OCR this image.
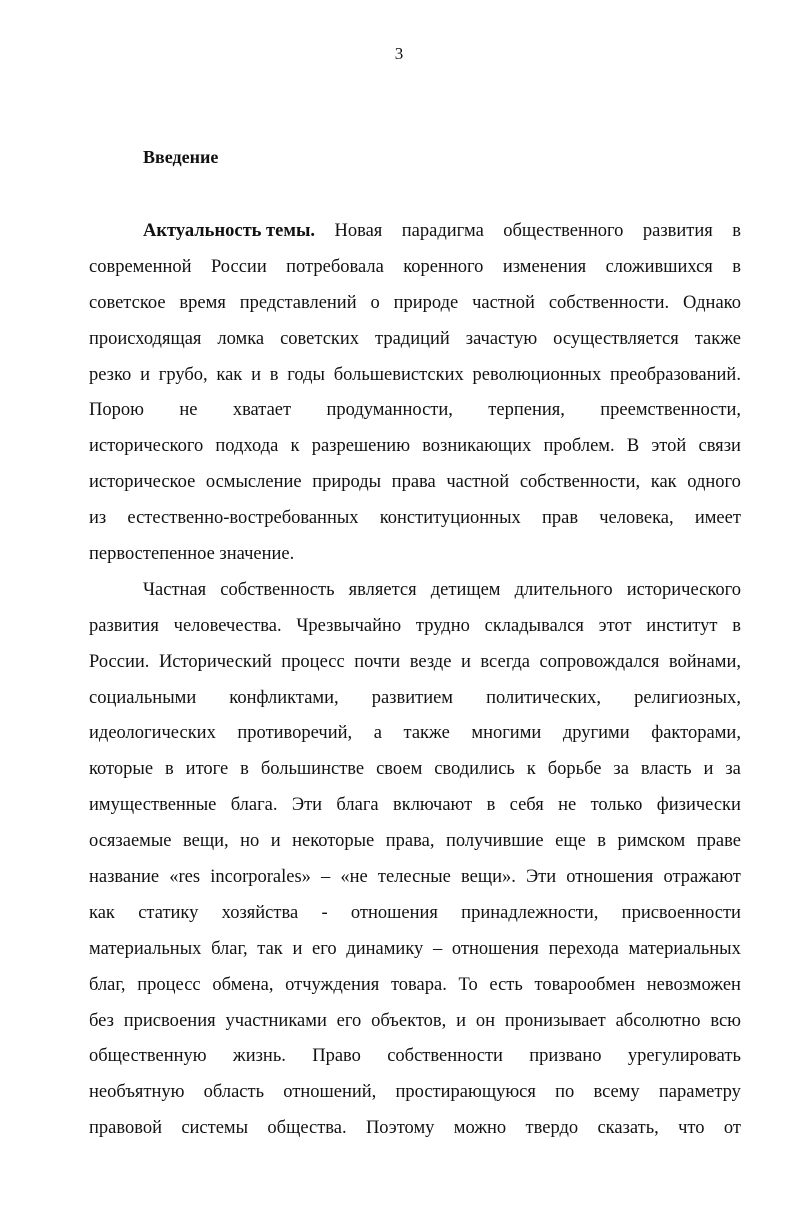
3
Введение
Актуальность темы. Новая парадигма общественного развития в
современной России потребовала коренного изменения сложившихся в
советское время представлений о природе частной собственности. Однако
происходящая ломка советских традиций зачастую осуществляется также
резко и грубо, как и в годы большевистских революционных преобразований.
Порою не хватает продуманности, терпения, преемственности,
исторического подхода к разрешению возникающих проблем. В этой связи
историческое осмысление природы права частной собственности, как одного
из естественно-востребованных конституционных прав человека, имеет
первостепенное значение.
Частная собственность является детищем длительного исторического
развития человечества. Чрезвычайно трудно складывался этот институт в
России. Исторический процесс почти везде и всегда сопровождался войнами,
социальными конфликтами, развитием политических, религиозных,
идеологических противоречий, а также многими другими факторами,
которые в итоге в большинстве своем сводились к борьбе за власть и за
имущественные блага. Эти блага включают в себя не только физически
осязаемые вещи, но и некоторые права, получившие еще в римском праве
название «res incorporales» – «не телесные вещи». Эти отношения отражают
как статику хозяйства - отношения принадлежности, присвоенности
материальных благ, так и его динамику – отношения перехода материальных
благ, процесс обмена, отчуждения товара. То есть товарообмен невозможен
без присвоения участниками его объектов, и он пронизывает абсолютно всю
общественную жизнь. Право собственности призвано урегулировать
необъятную область отношений, простирающуюся по всему параметру
правовой системы общества. Поэтому можно твердо сказать, что от
